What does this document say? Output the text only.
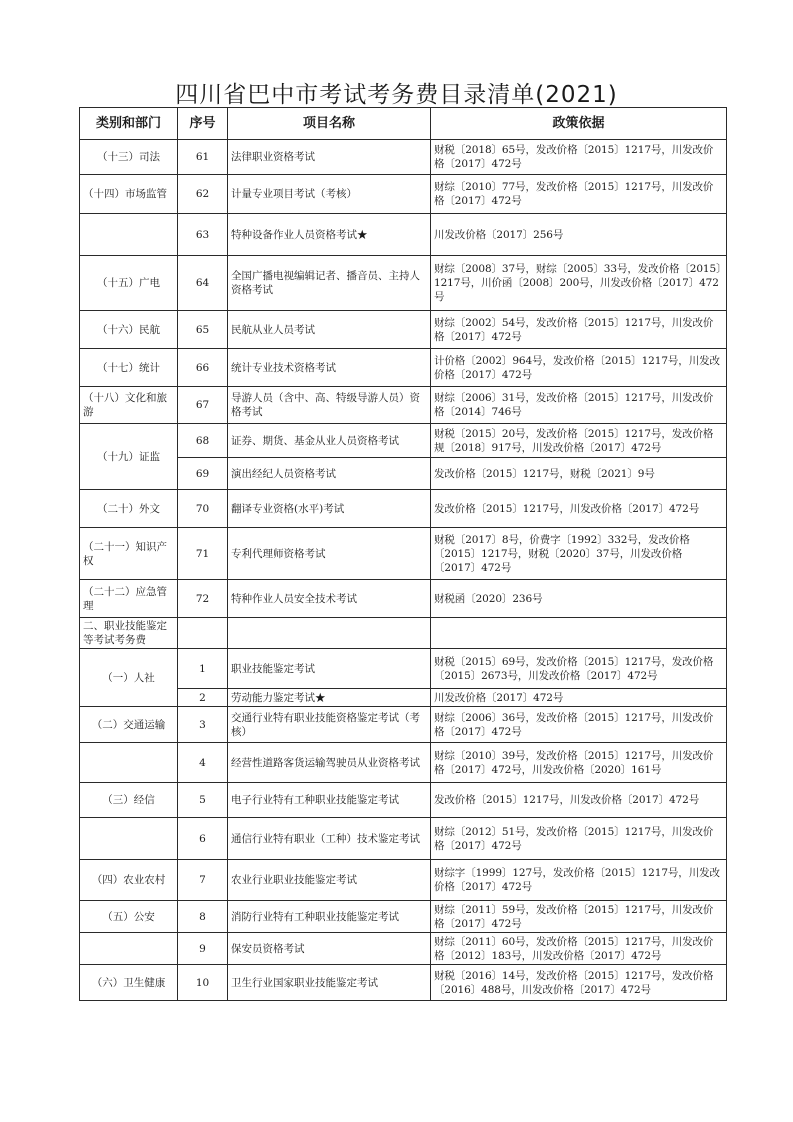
四川省巴中市考试考务费目录清单(2021)
类别和部门	序号	项目名称	政策依据
（十三）司法	61	法律职业资格考试	财税〔2018〕65号，发改价格〔2015〕1217号，川发改价格〔2017〕472号
（十四）市场监管	62	计量专业项目考试（考核）	财综〔2010〕77号，发改价格〔2015〕1217号，川发改价格〔2017〕472号
	63	特种设备作业人员资格考试★	川发改价格〔2017〕256号
（十五）广电	64	全国广播电视编辑记者、播音员、主持人资格考试	财综〔2008〕37号，财综〔2005〕33号，发改价格〔2015〕1217号，川价函〔2008〕200号，川发改价格〔2017〕472号
（十六）民航	65	民航从业人员考试	财综〔2002〕54号，发改价格〔2015〕1217号，川发改价格〔2017〕472号
（十七）统计	66	统计专业技术资格考试	计价格〔2002〕964号，发改价格〔2015〕1217号，川发改价格〔2017〕472号
（十八）文化和旅游	67	导游人员（含中、高、特级导游人员）资格考试	财综〔2006〕31号，发改价格〔2015〕1217号，川发改价格〔2014〕746号
（十九）证监	68	证券、期货、基金从业人员资格考试	财税〔2015〕20号，发改价格〔2015〕1217号，发改价格规〔2018〕917号，川发改价格〔2017〕472号
	69	演出经纪人员资格考试	发改价格〔2015〕1217号，财税〔2021〕9号
（二十）外文	70	翻译专业资格(水平)考试	发改价格〔2015〕1217号，川发改价格〔2017〕472号
（二十一）知识产权	71	专利代理师资格考试	财税〔2017〕8号，价费字〔1992〕332号，发改价格〔2015〕1217号，财税〔2020〕37号，川发改价格〔2017〕472号
（二十二）应急管理	72	特种作业人员安全技术考试	财税函〔2020〕236号
二、职业技能鉴定等考试考务费			
（一）人社	1	职业技能鉴定考试	财税〔2015〕69号，发改价格〔2015〕1217号，发改价格〔2015〕2673号，川发改价格〔2017〕472号
	2	劳动能力鉴定考试★	川发改价格〔2017〕472号
（二）交通运输	3	交通行业特有职业技能资格鉴定考试（考核）	财综〔2006〕36号，发改价格〔2015〕1217号，川发改价格〔2017〕472号
	4	经营性道路客货运输驾驶员从业资格考试	财综〔2010〕39号，发改价格〔2015〕1217号，川发改价格〔2017〕472号，川发改价格〔2020〕161号
（三）经信	5	电子行业特有工种职业技能鉴定考试	发改价格〔2015〕1217号，川发改价格〔2017〕472号
	6	通信行业特有职业（工种）技术鉴定考试	财综〔2012〕51号，发改价格〔2015〕1217号，川发改价格〔2017〕472号
（四）农业农村	7	农业行业职业技能鉴定考试	财综字〔1999〕127号，发改价格〔2015〕1217号，川发改价格〔2017〕472号
（五）公安	8	消防行业特有工种职业技能鉴定考试	财综〔2011〕59号，发改价格〔2015〕1217号，川发改价格〔2017〕472号
	9	保安员资格考试	财综〔2011〕60号，发改价格〔2015〕1217号，川发改价格〔2012〕183号，川发改价格〔2017〕472号
（六）卫生健康	10	卫生行业国家职业技能鉴定考试	财税〔2016〕14号，发改价格〔2015〕1217号，发改价格〔2016〕488号，川发改价格〔2017〕472号
